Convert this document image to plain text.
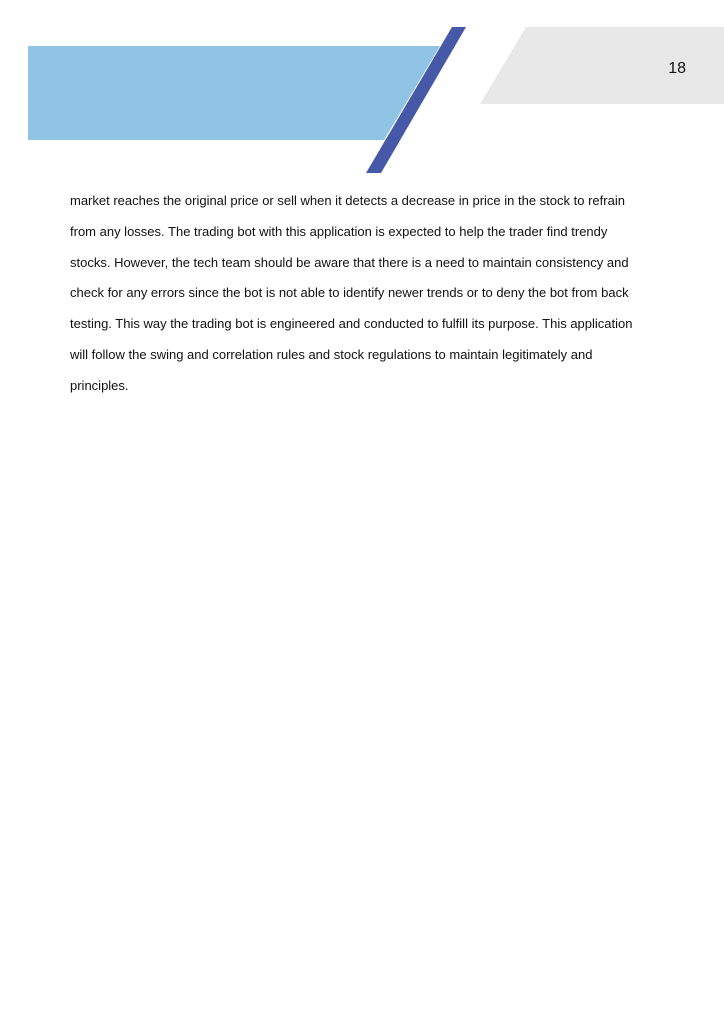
18
market reaches the original price or sell when it detects a decrease in price in the stock to refrain
from any losses. The trading bot with this application is expected to help the trader find trendy
stocks. However, the tech team should be aware that there is a need to maintain consistency and
check for any errors since the bot is not able to identify newer trends or to deny the bot from back
testing. This way the trading bot is engineered and conducted to fulfill its purpose. This application
will follow the swing and correlation rules and stock regulations to maintain legitimately and
principles.
